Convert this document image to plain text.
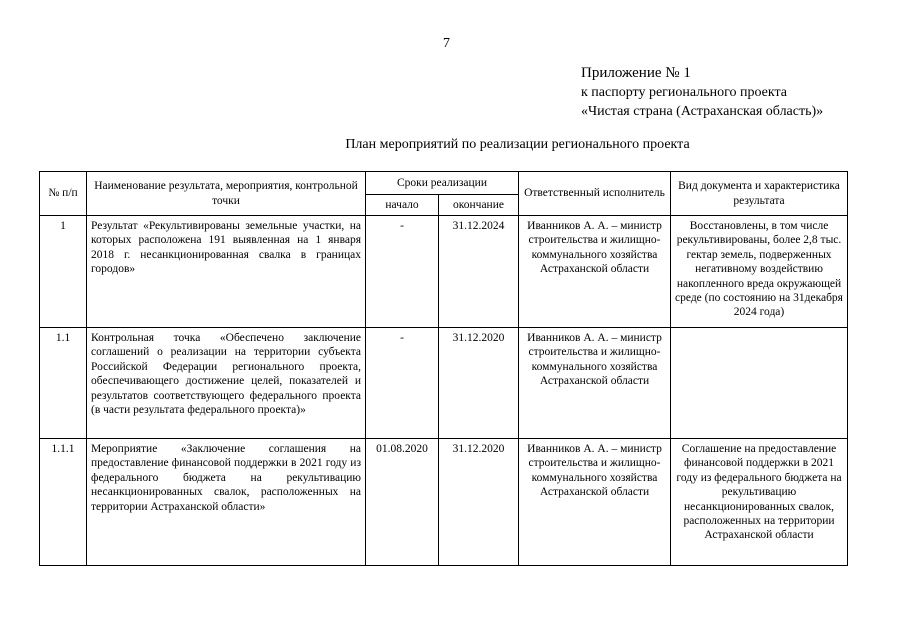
7
Приложение № 1
к паспорту регионального проекта
«Чистая страна (Астраханская область)»
План мероприятий по реализации регионального проекта
№ п/п	Наименование результата, мероприятия, контрольной точки	Сроки реализации		Ответственный исполнитель	Вид документа и характеристика результата
		начало	окончание		
1	Результат «Рекультивированы земельные участки, на которых расположена 191 выявленная на 1 января 2018 г. несанкционированная свалка в границах городов»	-	31.12.2024	Иванников А. А. – министр строительства и жилищно-коммунального хозяйства Астраханской области	Восстановлены, в том числе рекультивированы, более 2,8 тыс. гектар земель, подверженных негативному воздействию накопленного вреда окружающей среде (по состоянию на 31декабря 2024 года)
1.1	Контрольная точка «Обеспечено заключение соглашений о реализации на территории субъекта Российской Федерации регионального проекта, обеспечивающего достижение целей, показателей и результатов соответствующего федерального проекта (в части результата федерального проекта)»	-	31.12.2020	Иванников А. А. – министр строительства и жилищно-коммунального хозяйства Астраханской области	
1.1.1	Мероприятие «Заключение соглашения на предоставление финансовой поддержки в 2021 году из федерального бюджета на рекультивацию несанкционированных свалок, расположенных на территории Астраханской области»	01.08.2020	31.12.2020	Иванников А. А. – министр строительства и жилищно-коммунального хозяйства Астраханской области	Соглашение на предоставление финансовой поддержки в 2021 году из федерального бюджета на рекультивацию несанкционированных свалок, расположенных на территории Астраханской области
